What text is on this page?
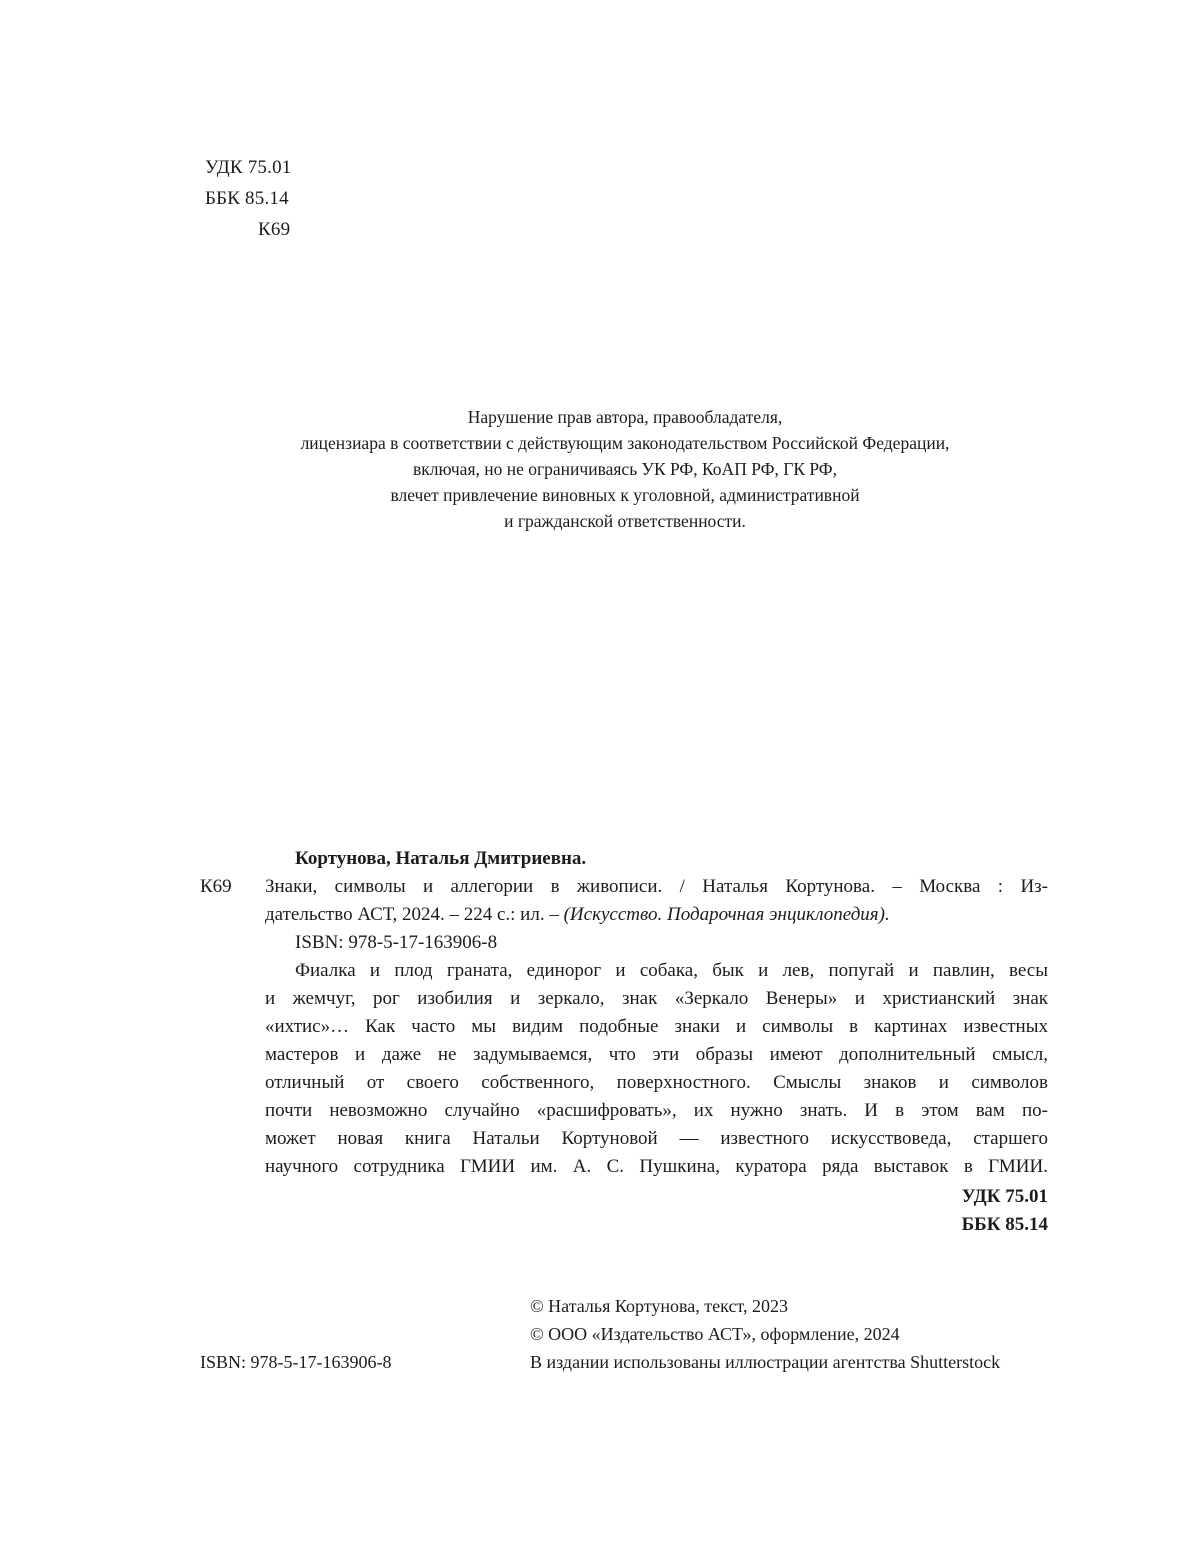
УДК 75.01
ББК 85.14
К69
Нарушение прав автора, правообладателя,
лицензиара в соответствии с действующим законодательством Российской Федерации,
включая, но не ограничиваясь УК РФ, КоАП РФ, ГК РФ,
влечет привлечение виновных к уголовной, административной
и гражданской ответственности.
К69
Кортунова, Наталья Дмитриевна.
Знаки, символы и аллегории в живописи. / Наталья Кортунова. – Москва : Из-
дательство АСТ, 2024. – 224 с.: ил. – (Искусство. Подарочная энциклопедия).
ISBN: 978-5-17-163906-8
Фиалка и плод граната, единорог и собака, бык и лев, попугай и павлин, весы
и жемчуг, рог изобилия и зеркало, знак «Зеркало Венеры» и христианский знак
«ихтис»… Как часто мы видим подобные знаки и символы в картинах известных
мастеров и даже не задумываемся, что эти образы имеют дополнительный смысл,
отличный от своего собственного, поверхностного. Смыслы знаков и символов
почти невозможно случайно «расшифровать», их нужно знать. И в этом вам по-
может новая книга Натальи Кортуновой — известного искусствоведа, старшего
научного сотрудника ГМИИ им. А. С. Пушкина, куратора ряда выставок в ГМИИ.
УДК 75.01
ББК 85.14
© Наталья Кортунова, текст, 2023
© ООО «Издательство АСТ», оформление, 2024
В издании использованы иллюстрации агентства Shutterstock
ISBN: 978-5-17-163906-8
